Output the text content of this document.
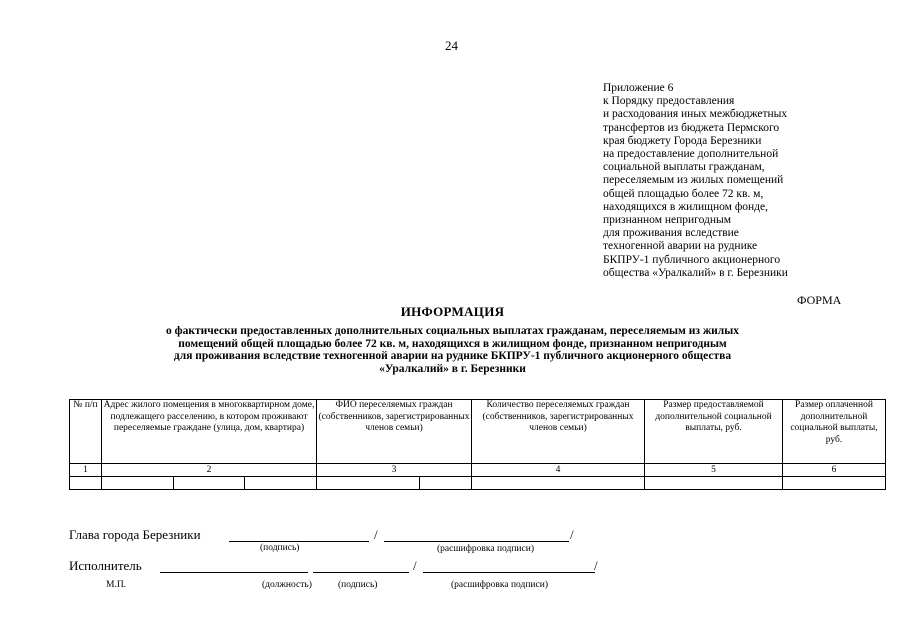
24
Приложение 6
к Порядку предоставления
и расходования иных межбюджетных
трансфертов из бюджета Пермского
края бюджету Города Березники
на предоставление дополнительной
социальной выплаты гражданам,
переселяемым из жилых помещений
общей площадью более 72 кв. м,
находящихся в жилищном фонде,
признанном непригодным
для проживания вследствие
техногенной аварии на руднике
БКПРУ-1 публичного акционерного
общества «Уралкалий» в г. Березники
ФОРМА
ИНФОРМАЦИЯ
о фактически предоставленных дополнительных социальных выплатах гражданам, переселяемым из жилых
помещений общей площадью более 72 кв. м, находящихся в жилищном фонде, признанном непригодным
для проживания вследствие техногенной аварии на руднике БКПРУ-1 публичного акционерного общества
«Уралкалий» в г. Березники
№ п/п	Адрес жилого помещения в многоквартирном доме, подлежащего расселению, в котором проживают переселяемые граждане (улица, дом, квартира)	ФИО переселяемых граждан (собственников, зарегистрированных членов семьи)	Количество переселяемых граждан (собственников, зарегистрированных членов семьи)	Размер предоставляемой дополнительной социальной выплаты, руб.	Размер оплаченной дополнительной социальной выплаты, руб.
1	2	3	4	5	6

Глава города Березники	/	/
(подпись)	(расшифровка подписи)
Исполнитель	/	/
М.П.	(должность)	(подпись)	(расшифровка подписи)
